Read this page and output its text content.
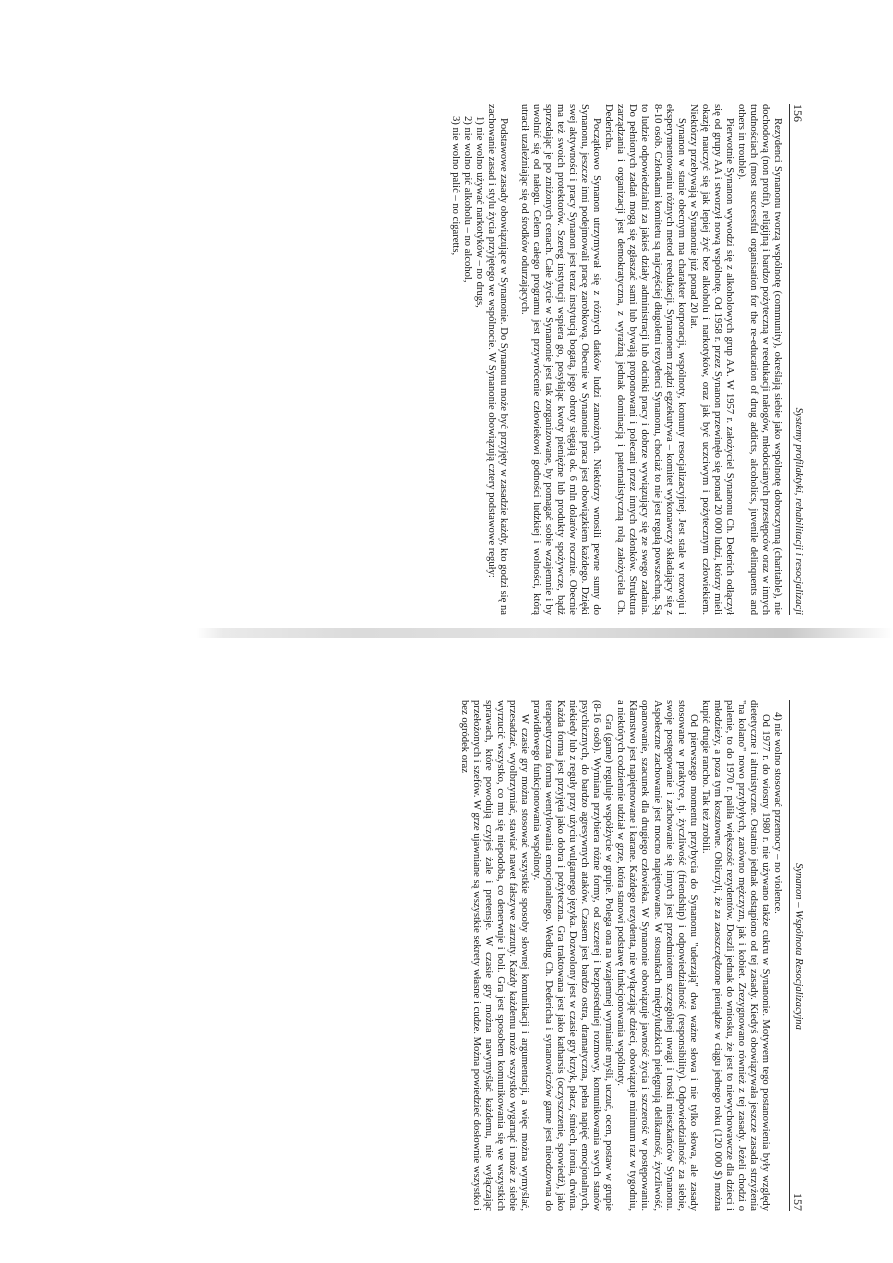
156
Systemy profilaktyki, rehabilitacji i resocjalizacji

Rezydenci Synanonu tworzą wspólnotę (community), określają siebie jako wspólnotę dobroczynną (charitable), nie dochodową (non profit), religijną i bardzo pożyteczną w reedukacji nałogów, młodocianych przestępców oraz w innych trudnościach (most successful organisation for the re-education of drug addicts, alcoholics, juvenile delinquents and others in trouble).

Pierwotnie Synanon wywodzi się z alkoholowych grup AA. W 1957 r. założyciel Synanonu Ch. Dederich odłączył się od grupy AA i stworzył nową wspólnotę. Od 1958 r. przez Synanon przewinęło się ponad 20 000 ludzi, którzy mieli okazję nauczyć się jak lepiej żyć bez alkoholu i narkotyków, oraz jak być uczciwym i pożytecznym człowiekiem. Niektórzy przebywają w Synanonie już ponad 20 lat.

Synanon w stanie obecnym ma charakter korporacji, wspólnoty, komuny resocjalizacyjnej. Jest stale w rozwoju i eksperymentowaniu różnych metod reedukacji. Synanonem rządzi egzekutywa – komitet wykonawczy składający się z 8-10 osób. Członkami komitetu są najczęściej długoletni rezydenci Synanonu, chociaż to nie jest regułą powszechną. Są to ludzie odpowiedzialni za jakieś działy administracji lub odcinki pracy i dobrze wywiązujący się ze swego zadania. Do pełnionych zadań mogą się zgłaszać sami lub bywają proponowani i polecani przez innych członków. Struktura zarządzania i organizacji jest demokratyczna, z wyraźną jednak dominacją i paternalistyczną rolą założyciela Ch. Dedericha.

Początkowo Synanon utrzymywał się z różnych datków ludzi zamożnych. Niektórzy wnosili pewne sumy do Synanonu, jeszcze inni podejmowali pracę zarobkową. Obecnie w Synanonie praca jest obowiązkiem każdego. Dzięki swej aktywności i pracy Synanon jest teraz instytucją bogatą, jego obroty sięgają ok. 6 mln dolarów rocznie. Obecnie ma też swoich protektorów. Szereg instytucji wspiera go, posyłając kwoty pieniężne lub produkty spożywcze, bądź sprzedając je po zniżonych cenach. Całe życie w Synanonie jest tak zorganizowane, by pomagać sobie wzajemnie i by uwolnić się od nałogu. Celem całego programu jest przywrócenie człowiekowi godności ludzkiej i wolności, którą utracił uzależniając się od środków odurzających.

Podstawowe zasady obowiązujące w Synanonie. Do Synanonu może być przyjęty w zasadzie każdy, kto godzi się na zachowanie zasad i stylu życia przyjętego we wspólnocie. W Synanonie obowiązują cztery podstawowe reguły:

1) nie wolno używać narkotyków – no drugs,
2) nie wolno pić alkoholu – no alcohol,
3) nie wolno palić – no cigaretts,
Synanon – Wspólnota Resocjalizacyjna
157
4) nie wolno stosować przemocy – no violence.

Od 1977 r. do wiosny 1980 r. nie używano także cukru w Synanonie. Motywem tego postanowienia były względy dietetyczne i altruistyczne. Ostatnio jednak odstąpiono od tej zasady. Kiedyś obowiązywała jeszcze zasada strzyżenia "na kolano" nowo przybyłych, zarówno mężczyzn, jak i kobiet. Zrezygnowano również z tej zasady. Jeżeli chodzi o palenie, to do 1970 r. paliła większość rezydentów. Doszli jednak do wniosku, że jest to niewychowawcze dla dzieci i młodzieży, a poza tym kosztowne. Obliczyli, że za zaoszczędzone pieniądze w ciągu jednego roku (120 000 $) można kupić drugie rancho. Tak też zrobili.

Od pierwszego momentu przybycia do Synanonu "uderzają" dwa ważne słowa i nie tylko słowa, ale zasady stosowane w praktyce, tj. życzliwość (friendship) i odpowiedzialność (responsibility). Odpowiedzialność za siebie, swoje postępowanie i zachowanie się innych jest przedmiotem szczególnej uwagi i troski mieszkańców Synanonu. Aspołeczne zachowanie jest mocno napiętnowane. W stosunkach międzyludzkich pielęgnują delikatność, życzliwość, opanowanie, szacunek dla drugiego człowieka. W Synanonie obowiązuje jawność życia i szczerość w postępowaniu. Kłamstwo jest napiętnowane i karane. Każdego rezydenta, nie wyłączając dzieci, obowiązuje minimum raz w tygodniu, a niektórych codziennie udział w grze, która stanowi podstawę funkcjonowania wspólnoty.

Gra (game) reguluje współżycie w grupie. Polega ona na wzajemnej wymianie myśli, uczuć, ocen, postaw w grupie (8-16 osób). Wymiana przybiera różne formy, od szczerej i bezpośredniej rozmowy, komunikowania swych stanów psychicznych, do bardzo agresywnych ataków. Czasem jest bardzo ostra, dramatyczna, pełna napięć emocjonalnych, niekiedy lub z reguły przy użyciu wulgarnego języka. Dozwolony jest w czasie gry krzyk, płacz, śmiech, ironia, drwina. Każda forma jest przyjęta jako dobra i pożyteczna. Gra traktowana jest jako katharsis (oczyszczenie, spowiedź), jako terapeutyczna forma wentylowania emocjonalnego. Według Ch. Dedericha i synanowiczów game jest nieodzowna do prawidłowego funkcjonowania wspólnoty.

W czasie gry można stosować wszystkie sposoby słownej komunikacji i argumentacji, a więc można wymyślać, przesadzać, wyolbrzymiać, stawiać nawet fałszywe zarzuty. Każdy każdemu może wszystko wygarnąć i może z siebie wyrzucić wszystko, co mu się niepodoba, co denerwuje i boli. Gra jest sposobem komunikowania się we wszystkich sprawach, które powodują czyjeś żale i pretensje. W czasie gry można nawymyślać każdemu, nie wyłączając przełożonych i szefów. W grze ujawniane są wszystkie sekrety własne i cudze. Można powiedzieć dosłownie wszystko i bez ogródek oraz
